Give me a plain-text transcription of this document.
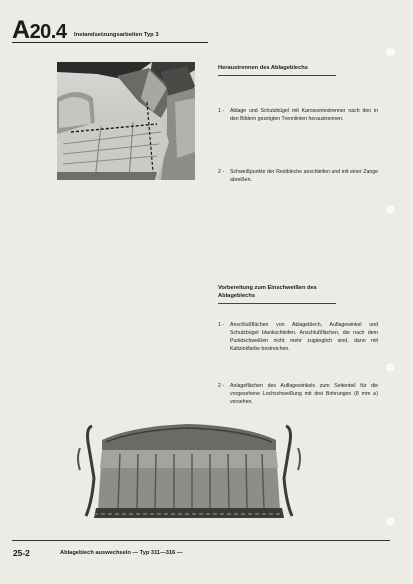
A20.4 Instandsetzungsarbeiten Typ 3
Heraustrennen des Ablageblechs
1 -	Ablage und Schutzbügel mit Karosseriestrenner nach den in den Bildern gezeigten Trennlinien heraustrennen.
2 -	Schweißpunkte der Restbleche anschleifen und mit einer Zange abreißen.
Vorbereitung zum Einschweißen des Ablageblechs
1 -	Anschlußflächen von Ablageblech, Auflagewinkel und Schutzbügel blankschleifen. Anschlußflächen, die nach dem Punktschweißen nicht mehr zugänglich sind, dann mit Kaltzinkfarbe bestreichen.
2 -	Anlageflächen des Auflagewinkels zum Seitenteil für die vorgesehene Lochschweißung mit drei Bohrungen (8 mm ⌀) versehen.
25-2	Ablageblech auswechseln — Typ 311—316 —
